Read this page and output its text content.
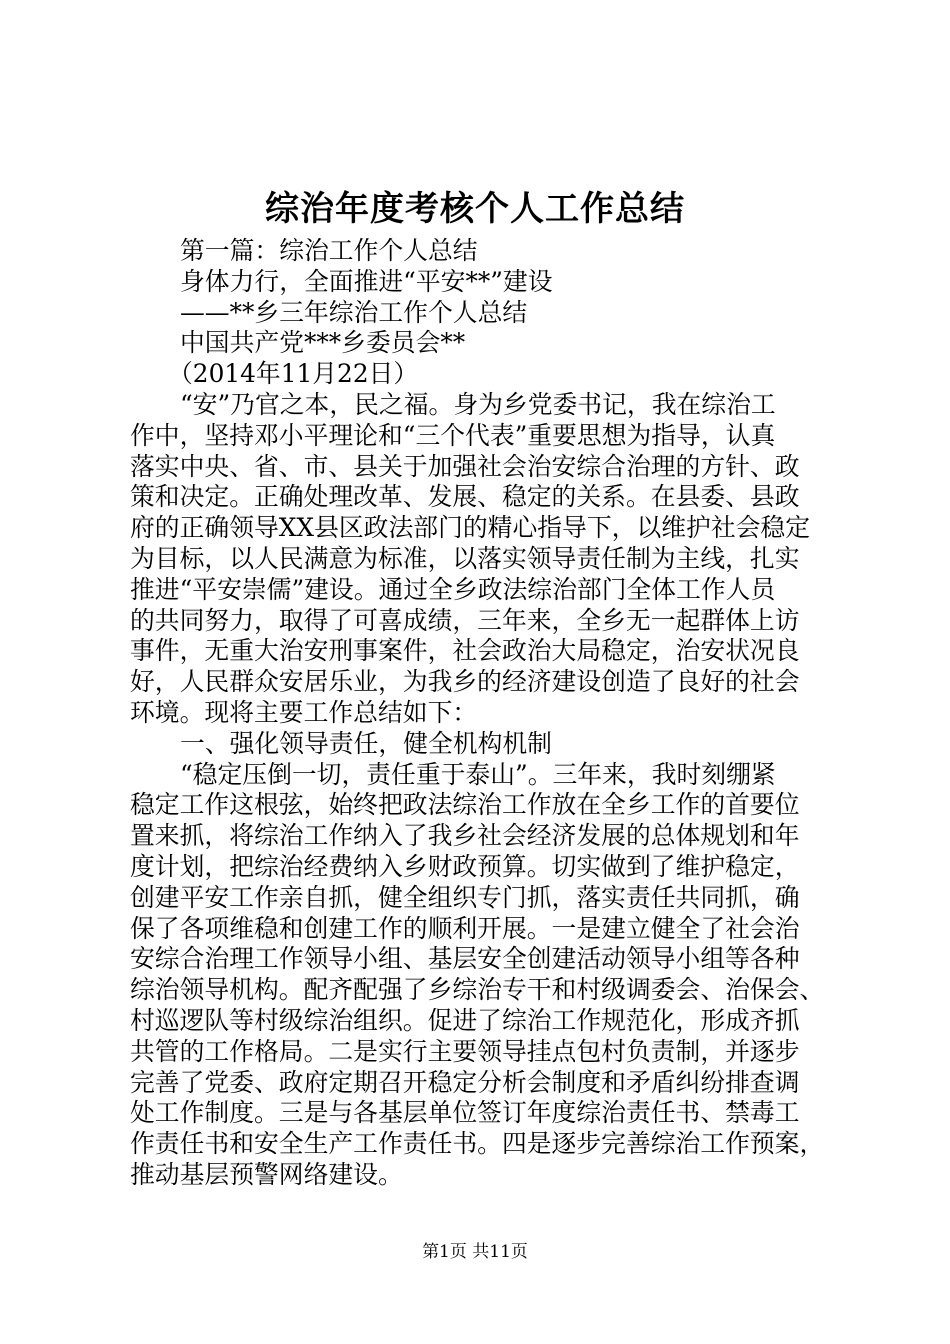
综治年度考核个人工作总结
第一篇：综治工作个人总结
身体力行，全面推进“平安**”建设
——**乡三年综治工作个人总结
中国共产党***乡委员会**
（2014年11月22日）
“安”乃官之本，民之福。身为乡党委书记，我在综治工
作中，坚持邓小平理论和“三个代表”重要思想为指导，认真
落实中央、省、市、县关于加强社会治安综合治理的方针、政
策和决定。正确处理改革、发展、稳定的关系。在县委、县政
府的正确领导XX县区政法部门的精心指导下，以维护社会稳定
为目标，以人民满意为标准，以落实领导责任制为主线，扎实
推进“平安崇儒”建设。通过全乡政法综治部门全体工作人员
的共同努力，取得了可喜成绩，三年来，全乡无一起群体上访
事件，无重大治安刑事案件，社会政治大局稳定，治安状况良
好，人民群众安居乐业，为我乡的经济建设创造了良好的社会
环境。现将主要工作总结如下：
一、强化领导责任，健全机构机制
“稳定压倒一切，责任重于泰山”。三年来，我时刻绷紧
稳定工作这根弦，始终把政法综治工作放在全乡工作的首要位
置来抓，将综治工作纳入了我乡社会经济发展的总体规划和年
度计划，把综治经费纳入乡财政预算。切实做到了维护稳定，
创建平安工作亲自抓，健全组织专门抓，落实责任共同抓，确
保了各项维稳和创建工作的顺利开展。一是建立健全了社会治
安综合治理工作领导小组、基层安全创建活动领导小组等各种
综治领导机构。配齐配强了乡综治专干和村级调委会、治保会、
村巡逻队等村级综治组织。促进了综治工作规范化，形成齐抓
共管的工作格局。二是实行主要领导挂点包村负责制，并逐步
完善了党委、政府定期召开稳定分析会制度和矛盾纠纷排查调
处工作制度。三是与各基层单位签订年度综治责任书、禁毒工
作责任书和安全生产工作责任书。四是逐步完善综治工作预案，
推动基层预警网络建设。
第1页 共11页
